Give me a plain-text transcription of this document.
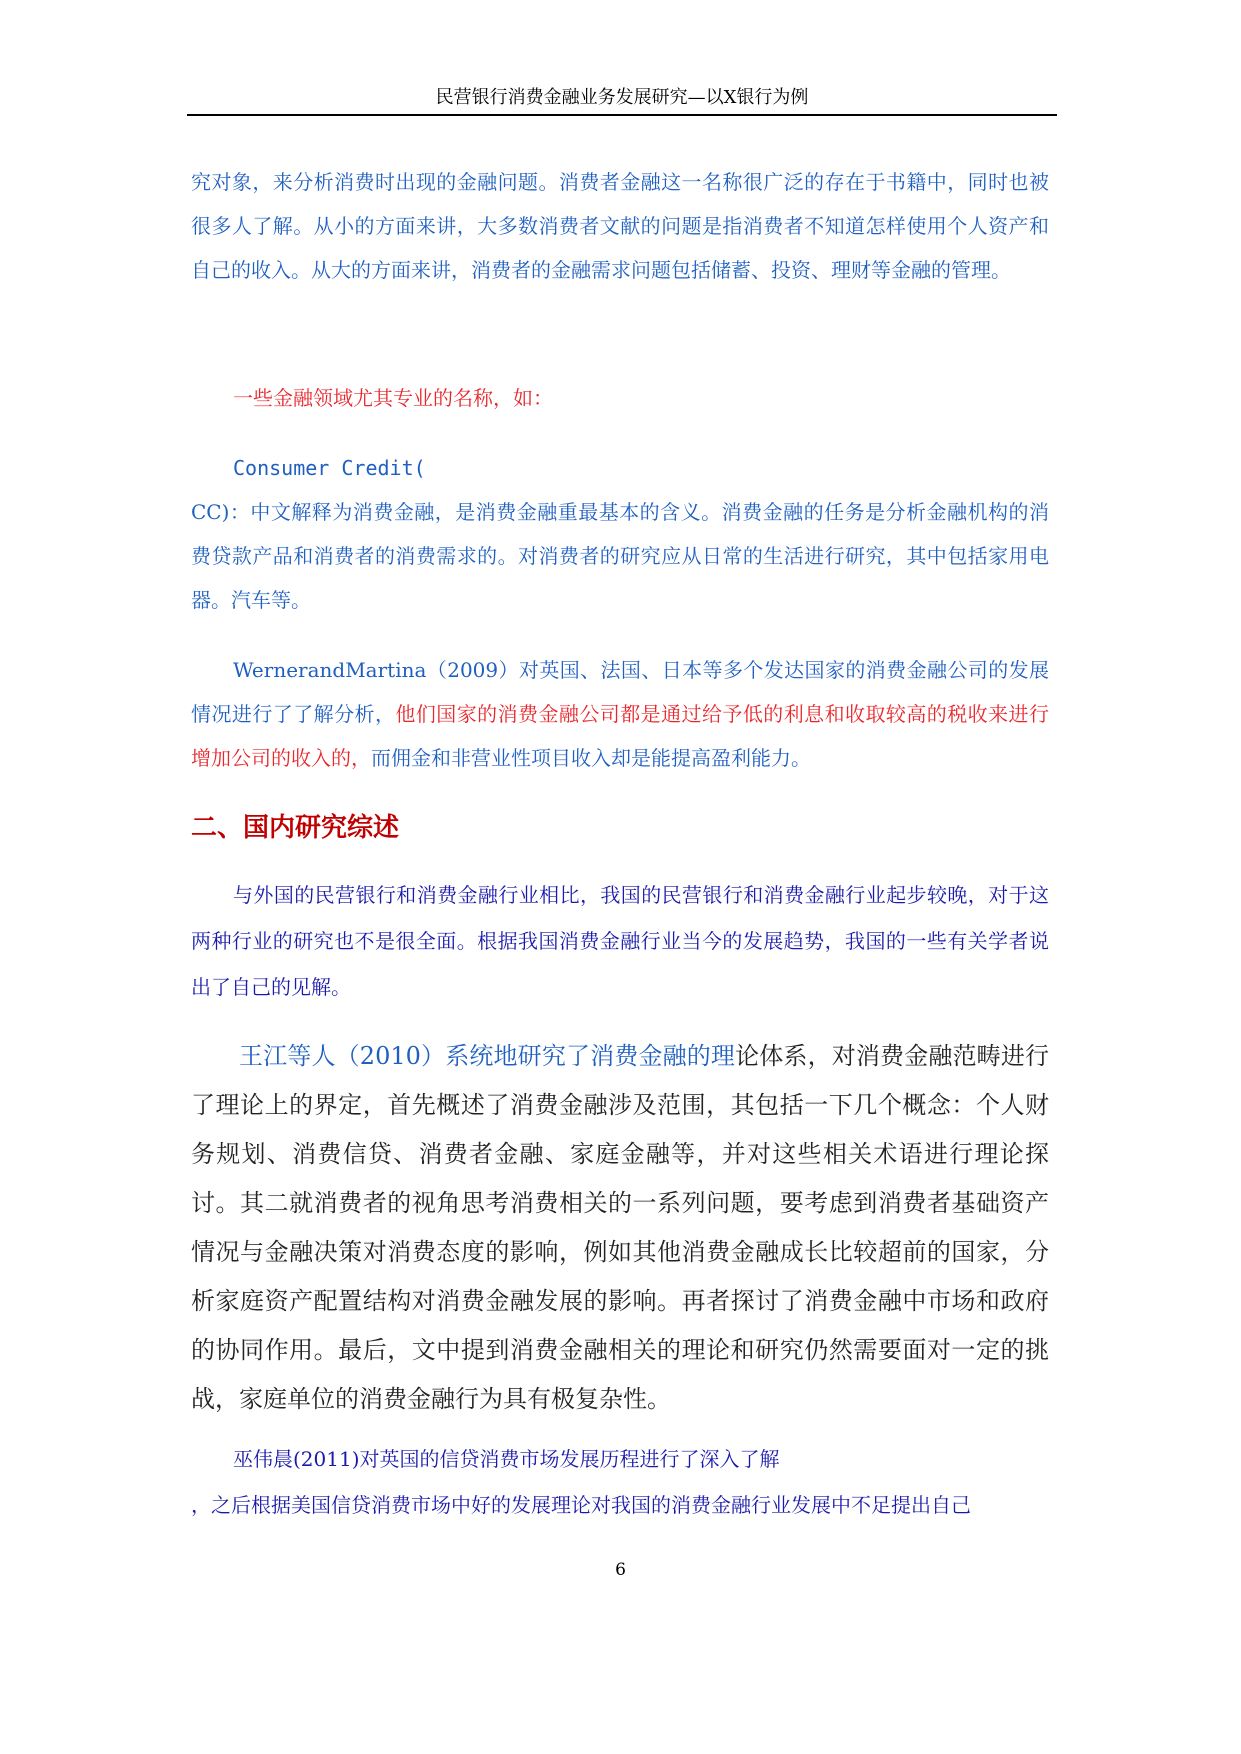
民营银行消费金融业务发展研究—以X银行为例

究对象，来分析消费时出现的金融问题。消费者金融这一名称很广泛的存在于书籍中，同时也被很多人了解。从小的方面来讲，大多数消费者文献的问题是指消费者不知道怎样使用个人资产和自己的收入。从大的方面来讲，消费者的金融需求问题包括储蓄、投资、理财等金融的管理。

一些金融领域尤其专业的名称，如：

Consumer Credit(

CC)：中文解释为消费金融，是消费金融重最基本的含义。消费金融的任务是分析金融机构的消费贷款产品和消费者的消费需求的。对消费者的研究应从日常的生活进行研究，其中包括家用电器。汽车等。

WernerandMartina（2009）对英国、法国、日本等多个发达国家的消费金融公司的发展情况进行了了解分析，他们国家的消费金融公司都是通过给予低的利息和收取较高的税收来进行增加公司的收入的，而佣金和非营业性项目收入却是能提高盈利能力。

二、国内研究综述

与外国的民营银行和消费金融行业相比，我国的民营银行和消费金融行业起步较晚，对于这两种行业的研究也不是很全面。根据我国消费金融行业当今的发展趋势，我国的一些有关学者说出了自己的见解。

王江等人（2010）系统地研究了消费金融的理论体系，对消费金融范畴进行了理论上的界定，首先概述了消费金融涉及范围，其包括一下几个概念：个人财务规划、消费信贷、消费者金融、家庭金融等，并对这些相关术语进行理论探讨。其二就消费者的视角思考消费相关的一系列问题，要考虑到消费者基础资产情况与金融决策对消费态度的影响，例如其他消费金融成长比较超前的国家，分析家庭资产配置结构对消费金融发展的影响。再者探讨了消费金融中市场和政府的协同作用。最后，文中提到消费金融相关的理论和研究仍然需要面对一定的挑战，家庭单位的消费金融行为具有极复杂性。

巫伟晨(2011)对英国的信贷消费市场发展历程进行了深入了解

，之后根据美国信贷消费市场中好的发展理论对我国的消费金融行业发展中不足提出自己

6
